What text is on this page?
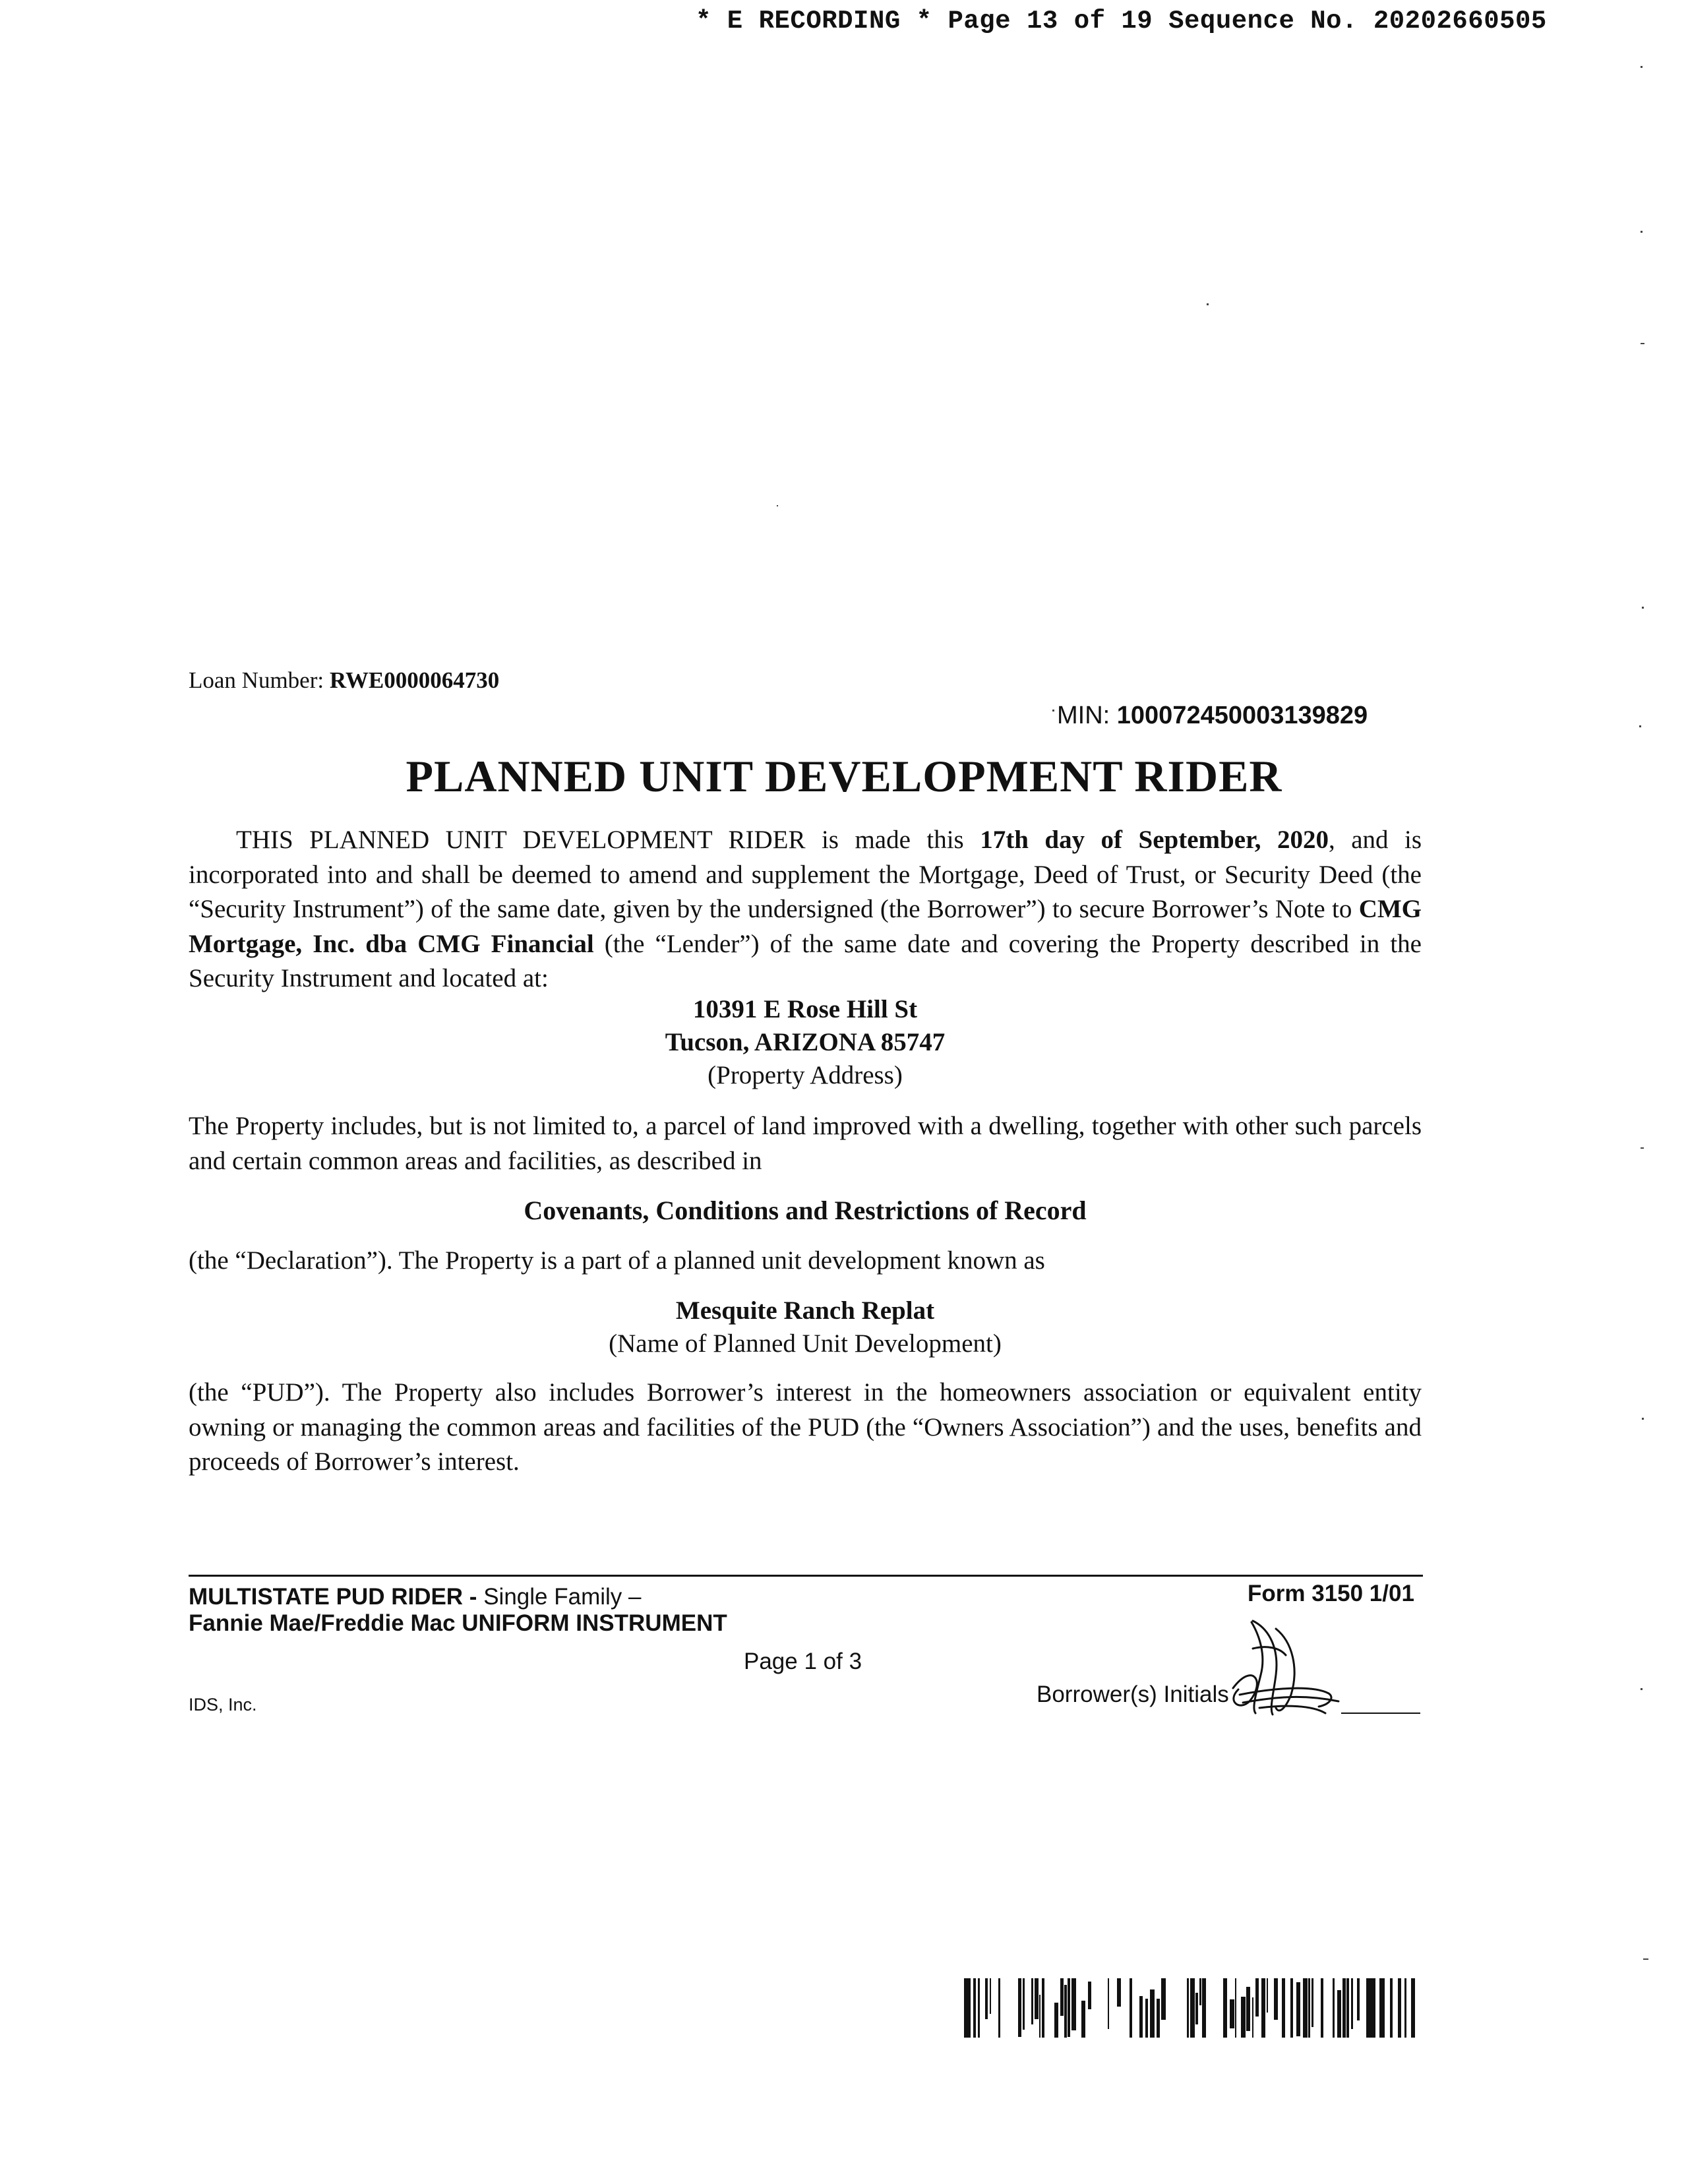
* E RECORDING * Page 13 of 19 Sequence No. 20202660505
Loan Number: RWE0000064730
MIN: 100072450003139829
PLANNED UNIT DEVELOPMENT RIDER

THIS PLANNED UNIT DEVELOPMENT RIDER is made this 17th day of September, 2020, and is incorporated into and shall be deemed to amend and supplement the Mortgage, Deed of Trust, or Security Deed (the “Security Instrument”) of the same date, given by the undersigned (the Borrower”) to secure Borrower’s Note to CMG Mortgage, Inc. dba CMG Financial (the “Lender”) of the same date and covering the Property described in the Security Instrument and located at:

10391 E Rose Hill St
Tucson, ARIZONA 85747
(Property Address)

The Property includes, but is not limited to, a parcel of land improved with a dwelling, together with other such parcels and certain common areas and facilities, as described in

Covenants, Conditions and Restrictions of Record

(the “Declaration”). The Property is a part of a planned unit development known as

Mesquite Ranch Replat
(Name of Planned Unit Development)

(the “PUD”). The Property also includes Borrower’s interest in the homeowners association or equivalent entity owning or managing the common areas and facilities of the PUD (the “Owners Association”) and the uses, benefits and proceeds of Borrower’s interest.

MULTISTATE PUD RIDER - Single Family –
Fannie Mae/Freddie Mac UNIFORM INSTRUMENT
Page 1 of 3
IDS, Inc.
Form 3150 1/01
Borrower(s) Initials
